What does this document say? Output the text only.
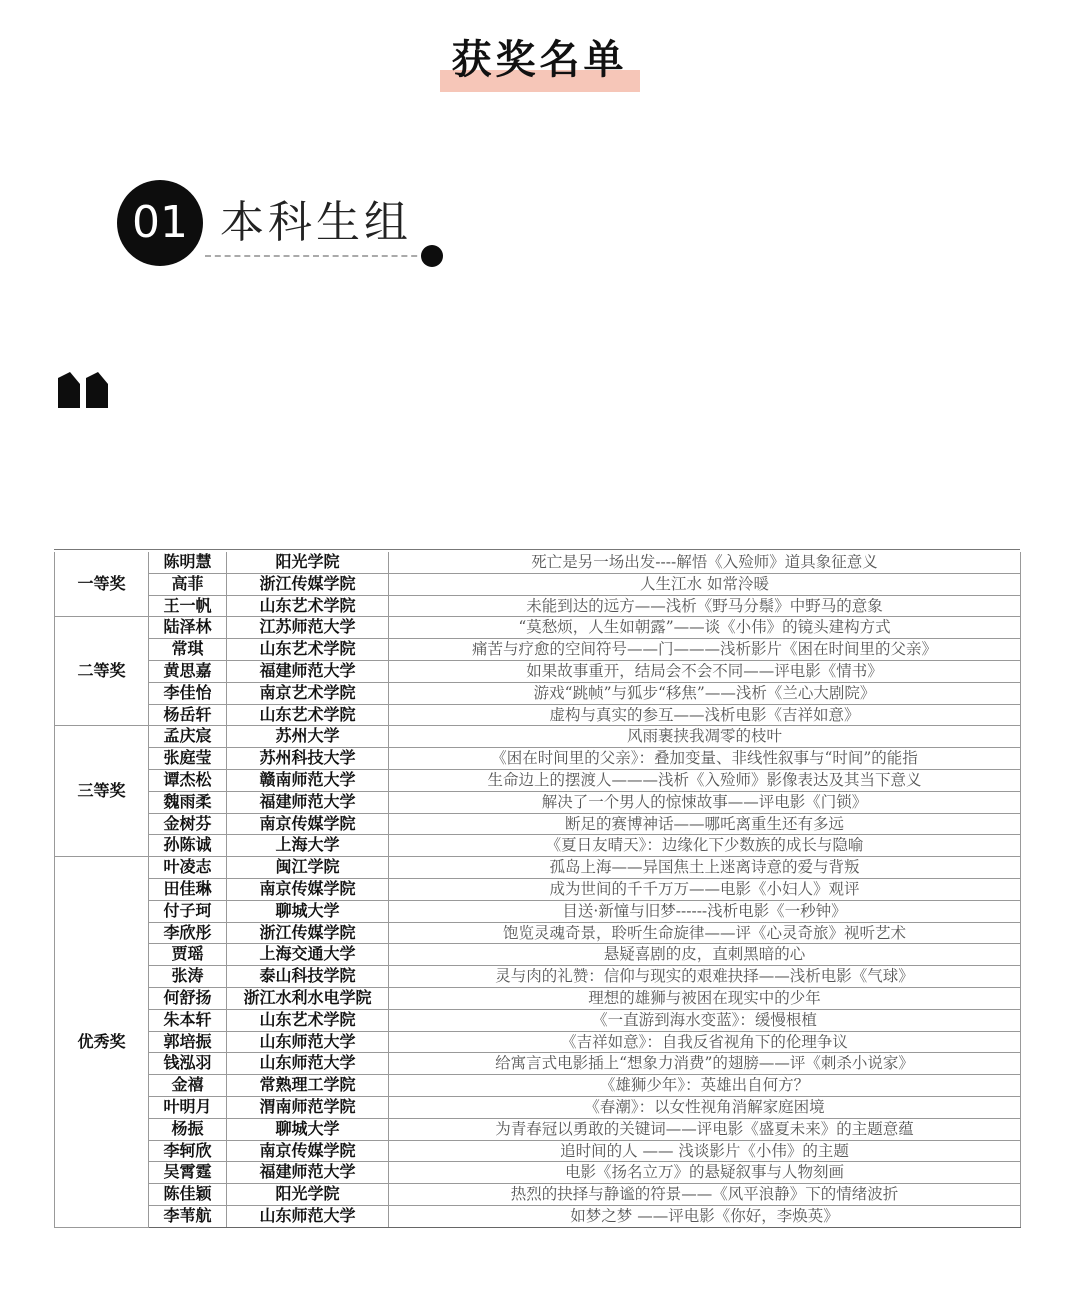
获奖名单
01 本科生组
一等奖	陈明慧	阳光学院	死亡是另一场出发----解悟《入殓师》道具象征意义
	高菲	浙江传媒学院	人生江水 如常泠暖
	王一帆	山东艺术学院	未能到达的远方——浅析《野马分鬃》中野马的意象
二等奖	陆泽林	江苏师范大学	“莫愁烦，人生如朝露”——谈《小伟》的镜头建构方式
	常琪	山东艺术学院	痛苦与疗愈的空间符号——门———浅析影片《困在时间里的父亲》
	黄思嘉	福建师范大学	如果故事重开，结局会不会不同——评电影《情书》
	李佳怡	南京艺术学院	游戏“跳帧”与狐步“移焦”——浅析《兰心大剧院》
	杨岳轩	山东艺术学院	虚构与真实的参互——浅析电影《吉祥如意》
三等奖	孟庆宸	苏州大学	风雨裹挟我凋零的枝叶
	张庭莹	苏州科技大学	《困在时间里的父亲》：叠加变量、非线性叙事与“时间”的能指
	谭杰松	赣南师范大学	生命边上的摆渡人———浅析《入殓师》影像表达及其当下意义
	魏雨柔	福建师范大学	解决了一个男人的惊悚故事——评电影《门锁》
	金树芬	南京传媒学院	断足的赛博神话——哪吒离重生还有多远
	孙陈诚	上海大学	《夏日友晴天》：边缘化下少数族的成长与隐喻
优秀奖	叶凌志	闽江学院	孤岛上海——异国焦土上迷离诗意的爱与背叛
	田佳琳	南京传媒学院	成为世间的千千万万——电影《小妇人》观评
	付子珂	聊城大学	目送·新憧与旧梦------浅析电影《一秒钟》
	李欣彤	浙江传媒学院	饱览灵魂奇景，聆听生命旋律——评《心灵奇旅》视听艺术
	贾瑶	上海交通大学	悬疑喜剧的皮，直刺黑暗的心
	张涛	泰山科技学院	灵与肉的礼赞：信仰与现实的艰难抉择——浅析电影《气球》
	何舒扬	浙江水利水电学院	理想的雄狮与被困在现实中的少年
	朱本轩	山东艺术学院	《一直游到海水变蓝》：缓慢根植
	郭培振	山东师范大学	《吉祥如意》：自我反省视角下的伦理争议
	钱泓羽	山东师范大学	给寓言式电影插上“想象力消费”的翅膀——评《刺杀小说家》
	金禧	常熟理工学院	《雄狮少年》：英雄出自何方？
	叶明月	渭南师范学院	《春潮》：以女性视角消解家庭困境
	杨振	聊城大学	为青春冠以勇敢的关键词——评电影《盛夏未来》的主题意蕴
	李轲欣	南京传媒学院	追时间的人 —— 浅谈影片《小伟》的主题
	吴霄霆	福建师范大学	电影《扬名立万》的悬疑叙事与人物刻画
	陈佳颖	阳光学院	热烈的抉择与静谧的符景——《风平浪静》下的情绪波折
	李苇航	山东师范大学	如梦之梦 ——评电影《你好，李焕英》
